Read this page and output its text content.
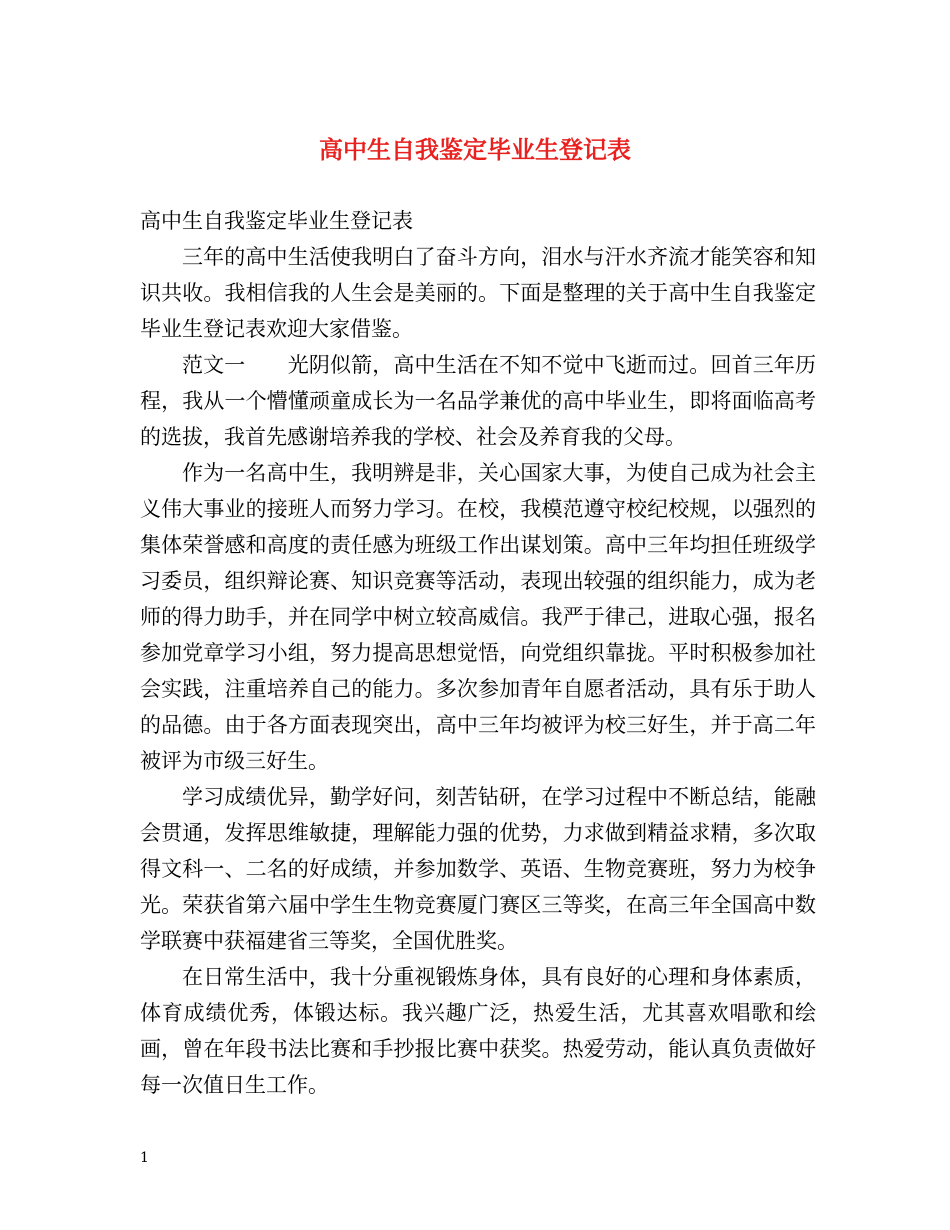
高中生自我鉴定毕业生登记表

高中生自我鉴定毕业生登记表

三年的高中生活使我明白了奋斗方向，泪水与汗水齐流才能笑容和知识共收。我相信我的人生会是美丽的。下面是整理的关于高中生自我鉴定毕业生登记表欢迎大家借鉴。

范文一　　光阴似箭，高中生活在不知不觉中飞逝而过。回首三年历程，我从一个懵懂顽童成长为一名品学兼优的高中毕业生，即将面临高考的选拔，我首先感谢培养我的学校、社会及养育我的父母。

作为一名高中生，我明辨是非，关心国家大事，为使自己成为社会主义伟大事业的接班人而努力学习。在校，我模范遵守校纪校规，以强烈的集体荣誉感和高度的责任感为班级工作出谋划策。高中三年均担任班级学习委员，组织辩论赛、知识竞赛等活动，表现出较强的组织能力，成为老师的得力助手，并在同学中树立较高威信。我严于律己，进取心强，报名参加党章学习小组，努力提高思想觉悟，向党组织靠拢。平时积极参加社会实践，注重培养自己的能力。多次参加青年自愿者活动，具有乐于助人的品德。由于各方面表现突出，高中三年均被评为校三好生，并于高二年被评为市级三好生。

学习成绩优异，勤学好问，刻苦钻研，在学习过程中不断总结，能融会贯通，发挥思维敏捷，理解能力强的优势，力求做到精益求精，多次取得文科一、二名的好成绩，并参加数学、英语、生物竞赛班，努力为校争光。荣获省第六届中学生生物竞赛厦门赛区三等奖，在高三年全国高中数学联赛中获福建省三等奖，全国优胜奖。

在日常生活中，我十分重视锻炼身体，具有良好的心理和身体素质，体育成绩优秀，体锻达标。我兴趣广泛，热爱生活，尤其喜欢唱歌和绘画，曾在年段书法比赛和手抄报比赛中获奖。热爱劳动，能认真负责做好每一次值日生工作。

1
